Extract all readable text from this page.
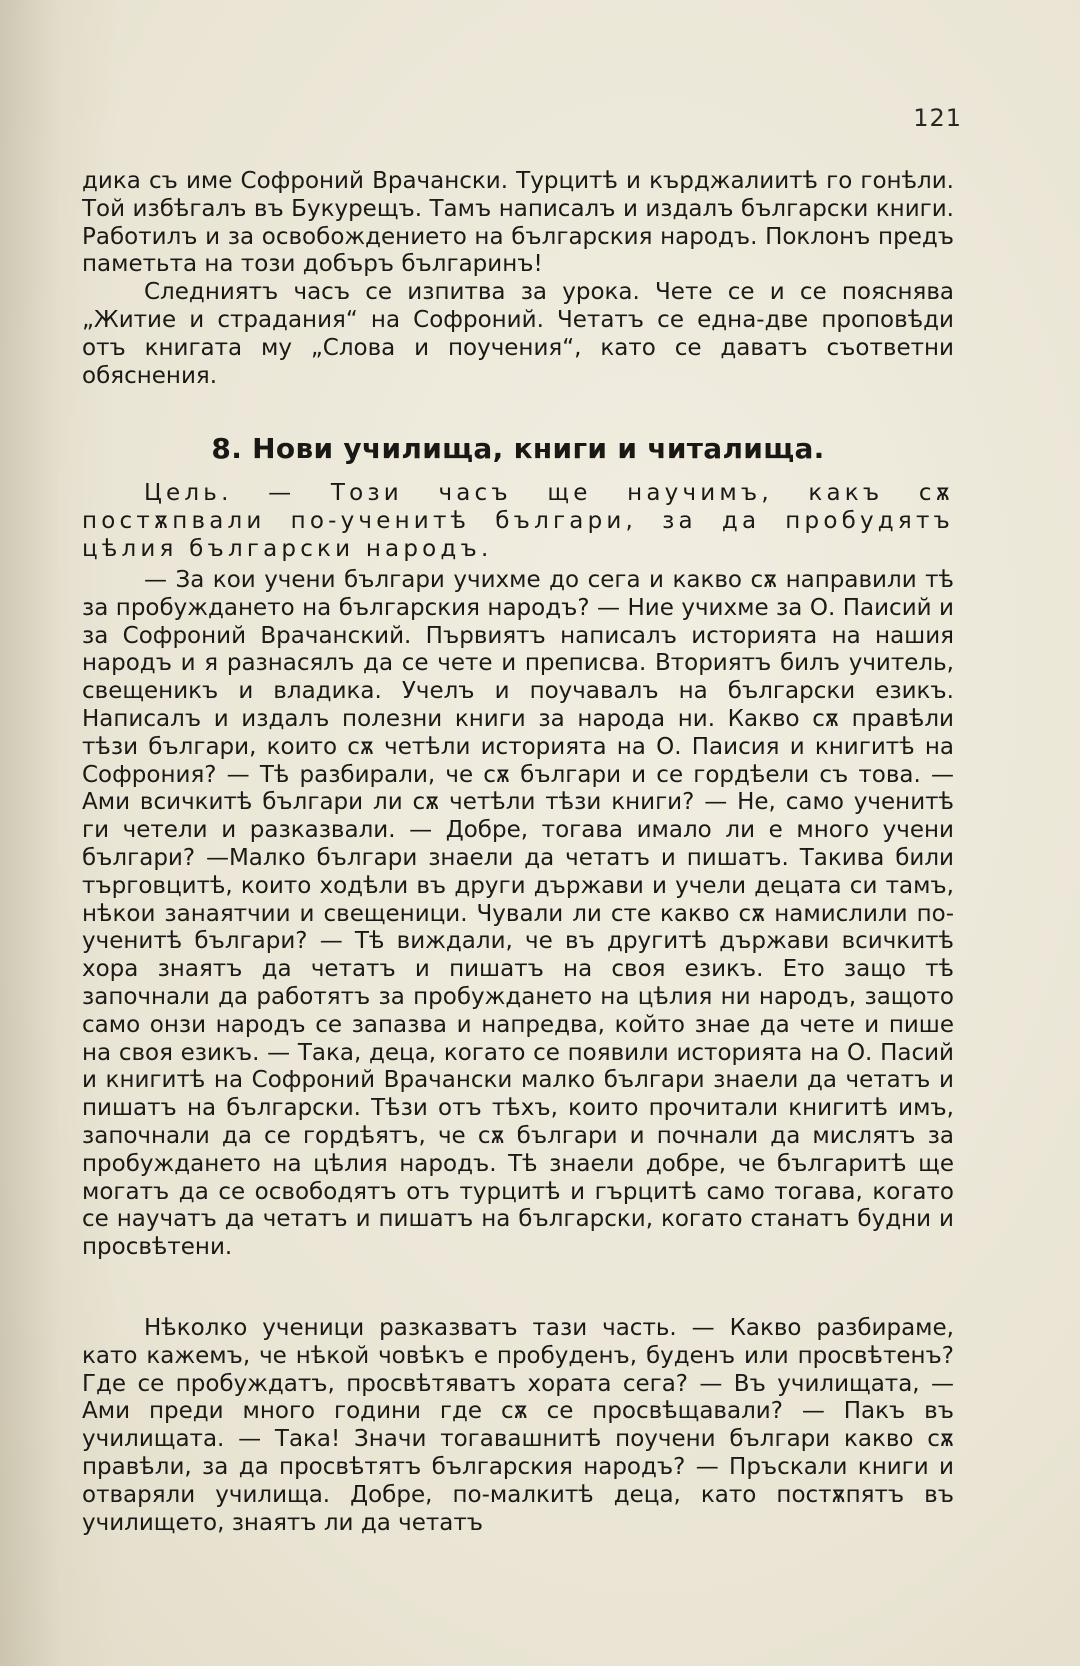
121

дика съ име Софроний Врачански. Турцитѣ и кърджалиитѣ го гонѣли. Той избѣгалъ въ Букурещъ. Тамъ написалъ и издалъ български книги. Работилъ и за освобождението на българския народъ. Поклонъ предъ паметьта на този добъръ българинъ!

Следниятъ часъ се изпитва за урока. Чете се и се пояснява „Житие и страдания“ на Софроний. Четатъ се една-две проповѣди отъ книгата му „Слова и поучения“, като се даватъ съответни обяснения.

8. Нови училища, книги и читалища.

Цель. — Този часъ ще научимъ, какъ сѫ постѫпвали по-ученитѣ българи, за да пробудятъ цѣлия български народъ.

— За кои учени българи учихме до сега и какво сѫ направили тѣ за пробуждането на българския народъ? — Ние учихме за О. Паисий и за Софроний Врачанский. Първиятъ написалъ историята на нашия народъ и я разнасялъ да се чете и преписва. Вториятъ билъ учитель, свещеникъ и владика. Учелъ и поучавалъ на български езикъ. Написалъ и издалъ полезни книги за народа ни. Какво сѫ правѣли тѣзи българи, които сѫ четѣли историята на О. Паисия и книгитѣ на Софрония? — Тѣ разбирали, че сѫ българи и се гордѣели съ това. — Ами всичкитѣ българи ли сѫ четѣли тѣзи книги? — Не, само ученитѣ ги четели и разказвали. — Добре, тогава имало ли е много учени българи? —Малко българи знаели да четатъ и пишатъ. Такива били търговцитѣ, които ходѣли въ други държави и учели децата си тамъ, нѣкои занаятчии и свещеници. Чували ли сте какво сѫ намислили по-ученитѣ българи? — Тѣ виждали, че въ другитѣ държави всичкитѣ хора знаятъ да четатъ и пишатъ на своя езикъ. Ето защо тѣ започнали да работятъ за пробуждането на цѣлия ни народъ, защото само онзи народъ се запазва и напредва, който знае да чете и пише на своя езикъ. — Така, деца, когато се появили историята на О. Пасий и книгитѣ на Софроний Врачански малко българи знаели да четатъ и пишатъ на български. Тѣзи отъ тѣхъ, които прочитали книгитѣ имъ, започнали да се гордѣятъ, че сѫ българи и почнали да мислятъ за пробуждането на цѣлия народъ. Тѣ знаели добре, че българитѣ ще могатъ да се освободятъ отъ турцитѣ и гърцитѣ само тогава, когато се научатъ да четатъ и пишатъ на български, когато станатъ будни и просвѣтени.

Нѣколко ученици разказватъ тази часть. — Какво разбираме, като кажемъ, че нѣкой човѣкъ е пробуденъ, буденъ или просвѣтенъ? Где се пробуждатъ, просвѣтяватъ хората сега? — Въ училищата, — Ами преди много години где сѫ се просвѣщавали? — Пакъ въ училищата. — Така! Значи тогавашнитѣ поучени българи какво сѫ правѣли, за да просвѣтятъ българския народъ? — Пръскали книги и отваряли училища. Добре, по-малкитѣ деца, като постѫпятъ въ училището, знаятъ ли да четатъ
